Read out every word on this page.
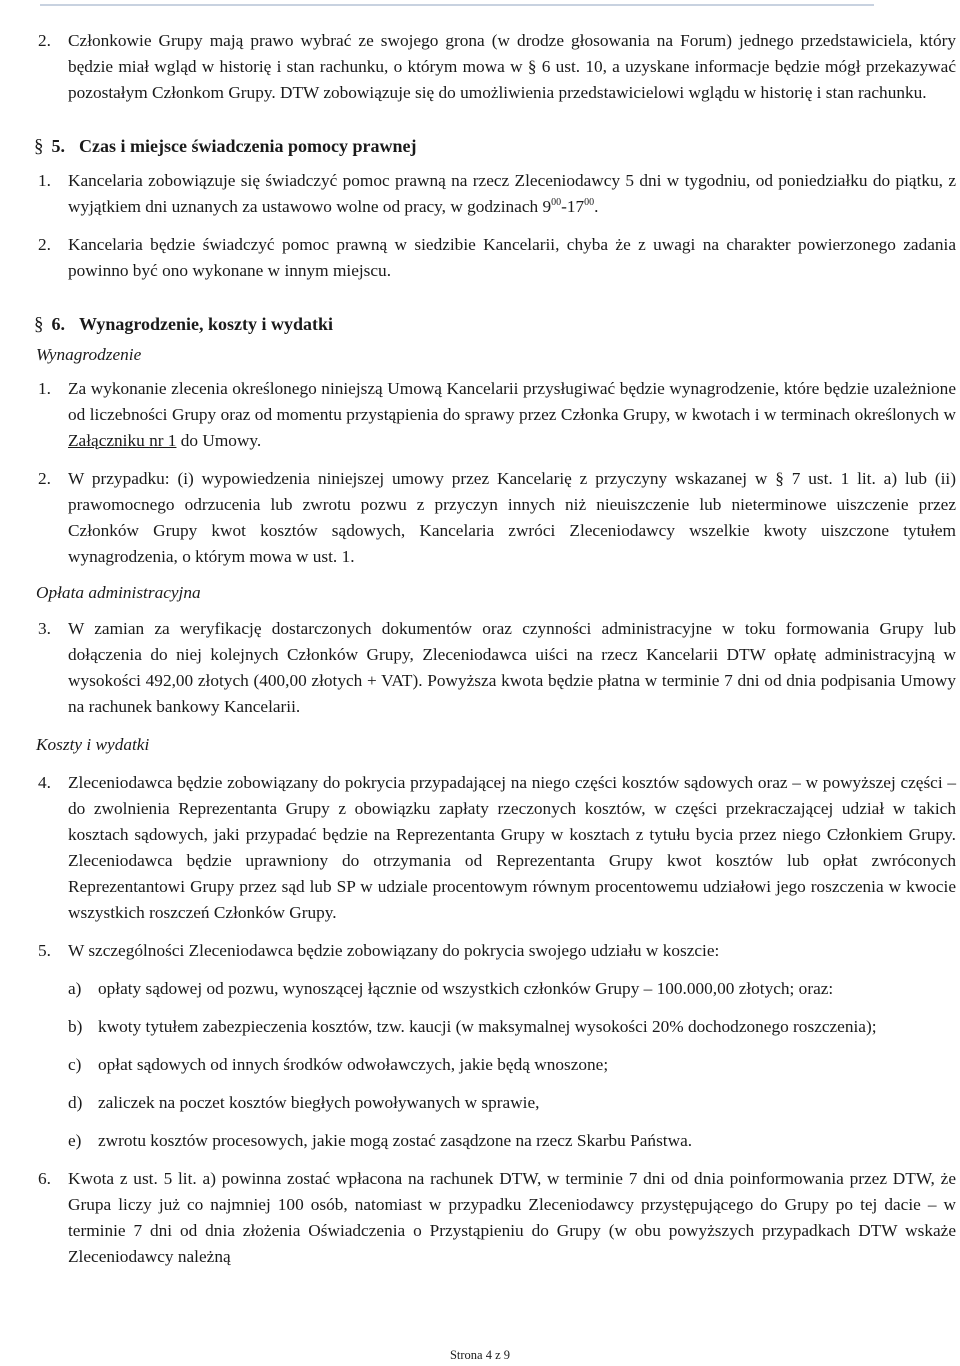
2. Członkowie Grupy mają prawo wybrać ze swojego grona (w drodze głosowania na Forum) jednego przedstawiciela, który będzie miał wgląd w historię i stan rachunku, o którym mowa w § 6 ust. 10, a uzyskane informacje będzie mógł przekazywać pozostałym Członkom Grupy. DTW zobowiązuje się do umożliwienia przedstawicielowi wglądu w historię i stan rachunku.
§ 5. Czas i miejsce świadczenia pomocy prawnej
1. Kancelaria zobowiązuje się świadczyć pomoc prawną na rzecz Zleceniodawcy 5 dni w tygodniu, od poniedziałku do piątku, z wyjątkiem dni uznanych za ustawowo wolne od pracy, w godzinach $9^{00}-17^{00}$.
2. Kancelaria będzie świadczyć pomoc prawną w siedzibie Kancelarii, chyba że z uwagi na charakter powierzonego zadania powinno być ono wykonane w innym miejscu.
§ 6. Wynagrodzenie, koszty i wydatki
Wynagrodzenie
1. Za wykonanie zlecenia określonego niniejszą Umową Kancelarii przysługiwać będzie wynagrodzenie, które będzie uzależnione od liczebności Grupy oraz od momentu przystąpienia do sprawy przez Członka Grupy, w kwotach i w terminach określonych w Załączniku nr 1 do Umowy.
2. W przypadku: (i) wypowiedzenia niniejszej umowy przez Kancelarię z przyczyny wskazanej w § 7 ust. 1 lit. a) lub (ii) prawomocnego odrzucenia lub zwrotu pozwu z przyczyn innych niż nieuiszczenie lub nieterminowe uiszczenie przez Członków Grupy kwot kosztów sądowych, Kancelaria zwróci Zleceniodawcy wszelkie kwoty uiszczone tytułem wynagrodzenia, o którym mowa w ust. 1.
Opłata administracyjna
3. W zamian za weryfikację dostarczonych dokumentów oraz czynności administracyjne w toku formowania Grupy lub dołączenia do niej kolejnych Członków Grupy, Zleceniodawca uiści na rzecz Kancelarii DTW opłatę administracyjną w wysokości 492,00 złotych (400,00 złotych + VAT). Powyższa kwota będzie płatna w terminie 7 dni od dnia podpisania Umowy na rachunek bankowy Kancelarii.
Koszty i wydatki
4. Zleceniodawca będzie zobowiązany do pokrycia przypadającej na niego części kosztów sądowych oraz – w powyższej części – do zwolnienia Reprezentanta Grupy z obowiązku zapłaty rzeczonych kosztów, w części przekraczającej udział w takich kosztach sądowych, jaki przypadać będzie na Reprezentanta Grupy w kosztach z tytułu bycia przez niego Członkiem Grupy. Zleceniodawca będzie uprawniony do otrzymania od Reprezentanta Grupy kwot kosztów lub opłat zwróconych Reprezentantowi Grupy przez sąd lub SP w udziale procentowym równym procentowemu udziałowi jego roszczenia w kwocie wszystkich roszczeń Członków Grupy.
5. W szczególności Zleceniodawca będzie zobowiązany do pokrycia swojego udziału w koszcie:
a) opłaty sądowej od pozwu, wynoszącej łącznie od wszystkich członków Grupy – 100.000,00 złotych; oraz:
b) kwoty tytułem zabezpieczenia kosztów, tzw. kaucji (w maksymalnej wysokości 20% dochodzonego roszczenia);
c) opłat sądowych od innych środków odwoławczych, jakie będą wnoszone;
d) zaliczek na poczet kosztów biegłych powoływanych w sprawie,
e) zwrotu kosztów procesowych, jakie mogą zostać zasądzone na rzecz Skarbu Państwa.
6. Kwota z ust. 5 lit. a) powinna zostać wpłacona na rachunek DTW, w terminie 7 dni od dnia poinformowania przez DTW, że Grupa liczy już co najmniej 100 osób, natomiast w przypadku Zleceniodawcy przystępującego do Grupy po tej dacie – w terminie 7 dni od dnia złożenia Oświadczenia o Przystąpieniu do Grupy (w obu powyższych przypadkach DTW wskaże Zleceniodawcy należną
Strona 4 z 9
